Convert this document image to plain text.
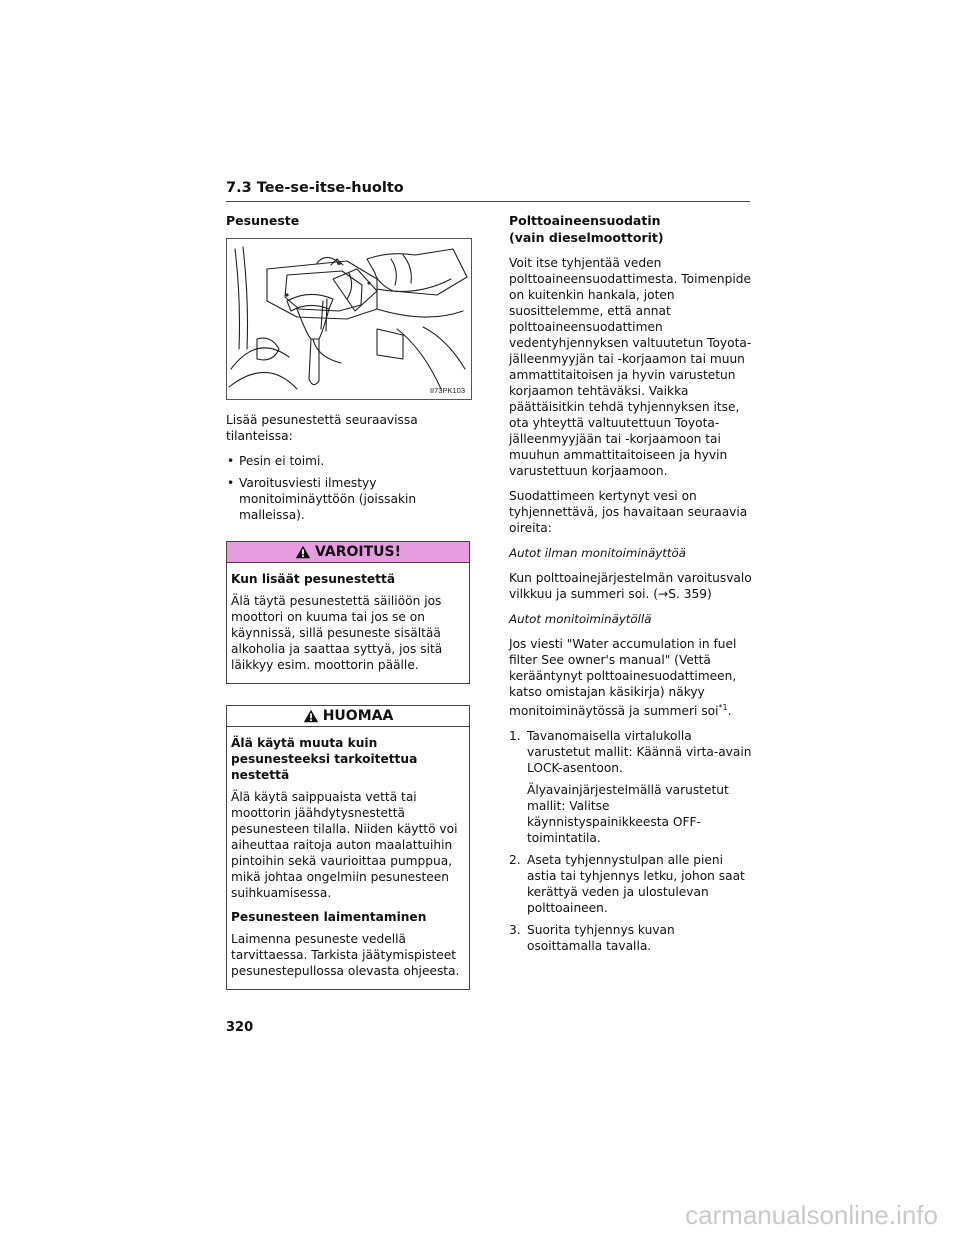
7.3 Tee-se-itse-huolto
Pesuneste
II73PK103

Lisää pesunestettä seuraavissa tilanteissa:

• Pesin ei toimi.
• Varoitusviesti ilmestyy monitoiminäyttöön (joissakin malleissa).
VAROITUS!
Kun lisäät pesunestettä

Älä täytä pesunestettä säiliöön jos moottori on kuuma tai jos se on käynnissä, sillä pesuneste sisältää alkoholia ja saattaa syttyä, jos sitä läikkyy esim. moottorin päälle.

HUOMAA
Älä käytä muuta kuin pesunesteeksi tarkoitettua nestettä

Älä käytä saippuaista vettä tai moottorin jäähdytysnestettä pesunesteen tilalla. Niiden käyttö voi aiheuttaa raitoja auton maalattuihin pintoihin sekä vaurioittaa pumppua, mikä johtaa ongelmiin pesunesteen suihkuamisessa.

Pesunesteen laimentaminen

Laimenna pesuneste vedellä tarvittaessa. Tarkista jäätymispisteet pesunestepullossa olevasta ohjeesta.

Polttoaineensuodatin
(vain dieselmoottorit)

Voit itse tyhjentää veden polttoaineensuodattimesta. Toimenpide on kuitenkin hankala, joten suosittelemme, että annat polttoaineensuodattimen vedentyhjennyksen valtuutetun Toyota-jälleenmyyjän tai -korjaamon tai muun ammattitaitoisen ja hyvin varustetun korjaamon tehtäväksi. Vaikka päättäisitkin tehdä tyhjennyksen itse, ota yhteyttä valtuutettuun Toyota-jälleenmyyjään tai -korjaamoon tai muuhun ammattitaitoiseen ja hyvin varustettuun korjaamoon.

Suodattimeen kertynyt vesi on tyhjennettävä, jos havaitaan seuraavia oireita:

Autot ilman monitoiminäyttöä

Kun polttoainejärjestelmän varoitusvalo vilkkuu ja summeri soi. (→S. 359)

Autot monitoiminäytöllä

Jos viesti "Water accumulation in fuel filter See owner's manual" (Vettä kerääntynyt polttoainesuodattimeen, katso omistajan käsikirja) näkyy monitoiminäytössä ja summeri soi$^{*1}$.

1. Tavanomaisella virtalukolla varustetut mallit: Käännä virta-avain LOCK-asentoon.
Älyavainjärjestelmällä varustetut mallit: Valitse käynnistyspainikkeesta OFF-toimintatila.
2. Aseta tyhjennystulpan alle pieni astia tai tyhjennys letku, johon saat kerättyä veden ja ulostulevan polttoaineen.
3. Suorita tyhjennys kuvan osoittamalla tavalla.
320
carmanualsonline.info
